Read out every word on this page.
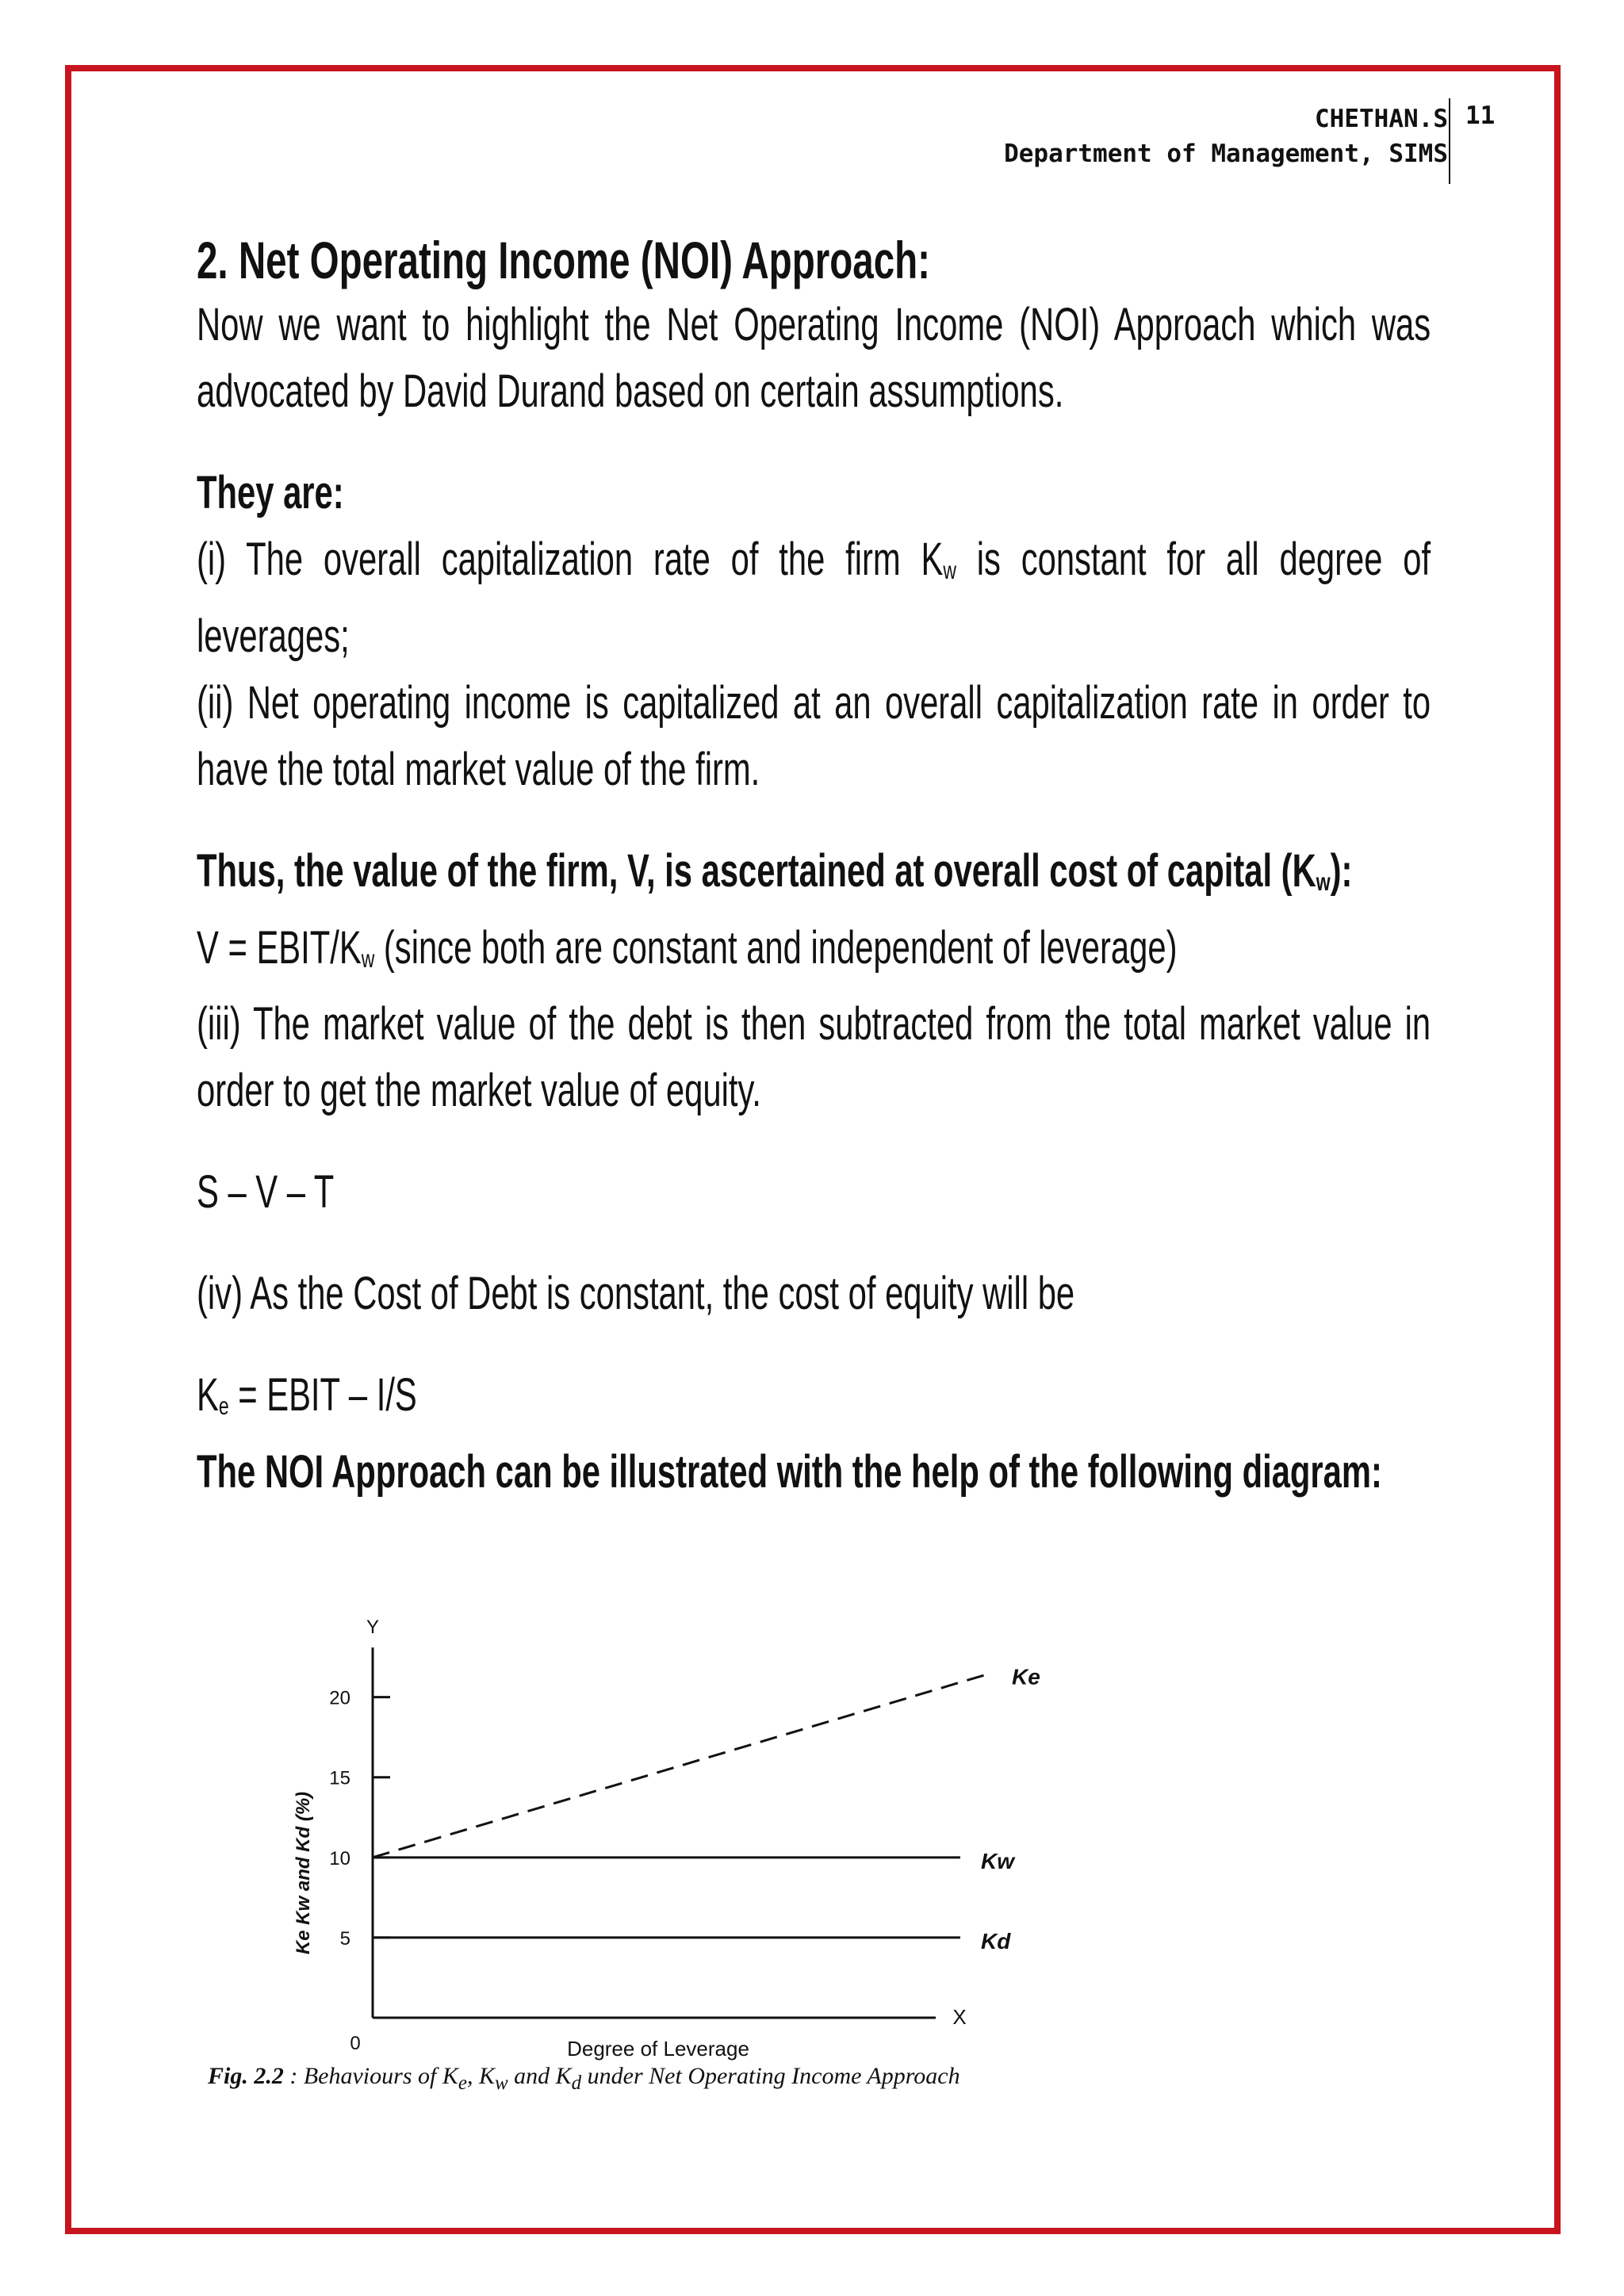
CHETHAN.S
Department of Management, SIMS
11
2. Net Operating Income (NOI) Approach:
Now we want to highlight the Net Operating Income (NOI) Approach which was advocated by David Durand based on certain assumptions.
They are:
(i) The overall capitalization rate of the firm Kw is constant for all degree of leverages;
(ii) Net operating income is capitalized at an overall capitalization rate in order to have the total market value of the firm.
Thus, the value of the firm, V, is ascertained at overall cost of capital (Kw):
V = EBIT/Kw (since both are constant and independent of leverage)
(iii) The market value of the debt is then subtracted from the total market value in order to get the market value of equity.
S – V – T
(iv) As the Cost of Debt is constant, the cost of equity will be
Ke = EBIT – I/S
The NOI Approach can be illustrated with the help of the following diagram:
Y
X
0
5
10
15
20
Degree of Leverage
Ke Kw and Kd (%)
Ke
Kw
Kd
Fig. 2.2 : Behaviours of $K_e$, $K_w$ and $K_d$ under Net Operating Income Approach
